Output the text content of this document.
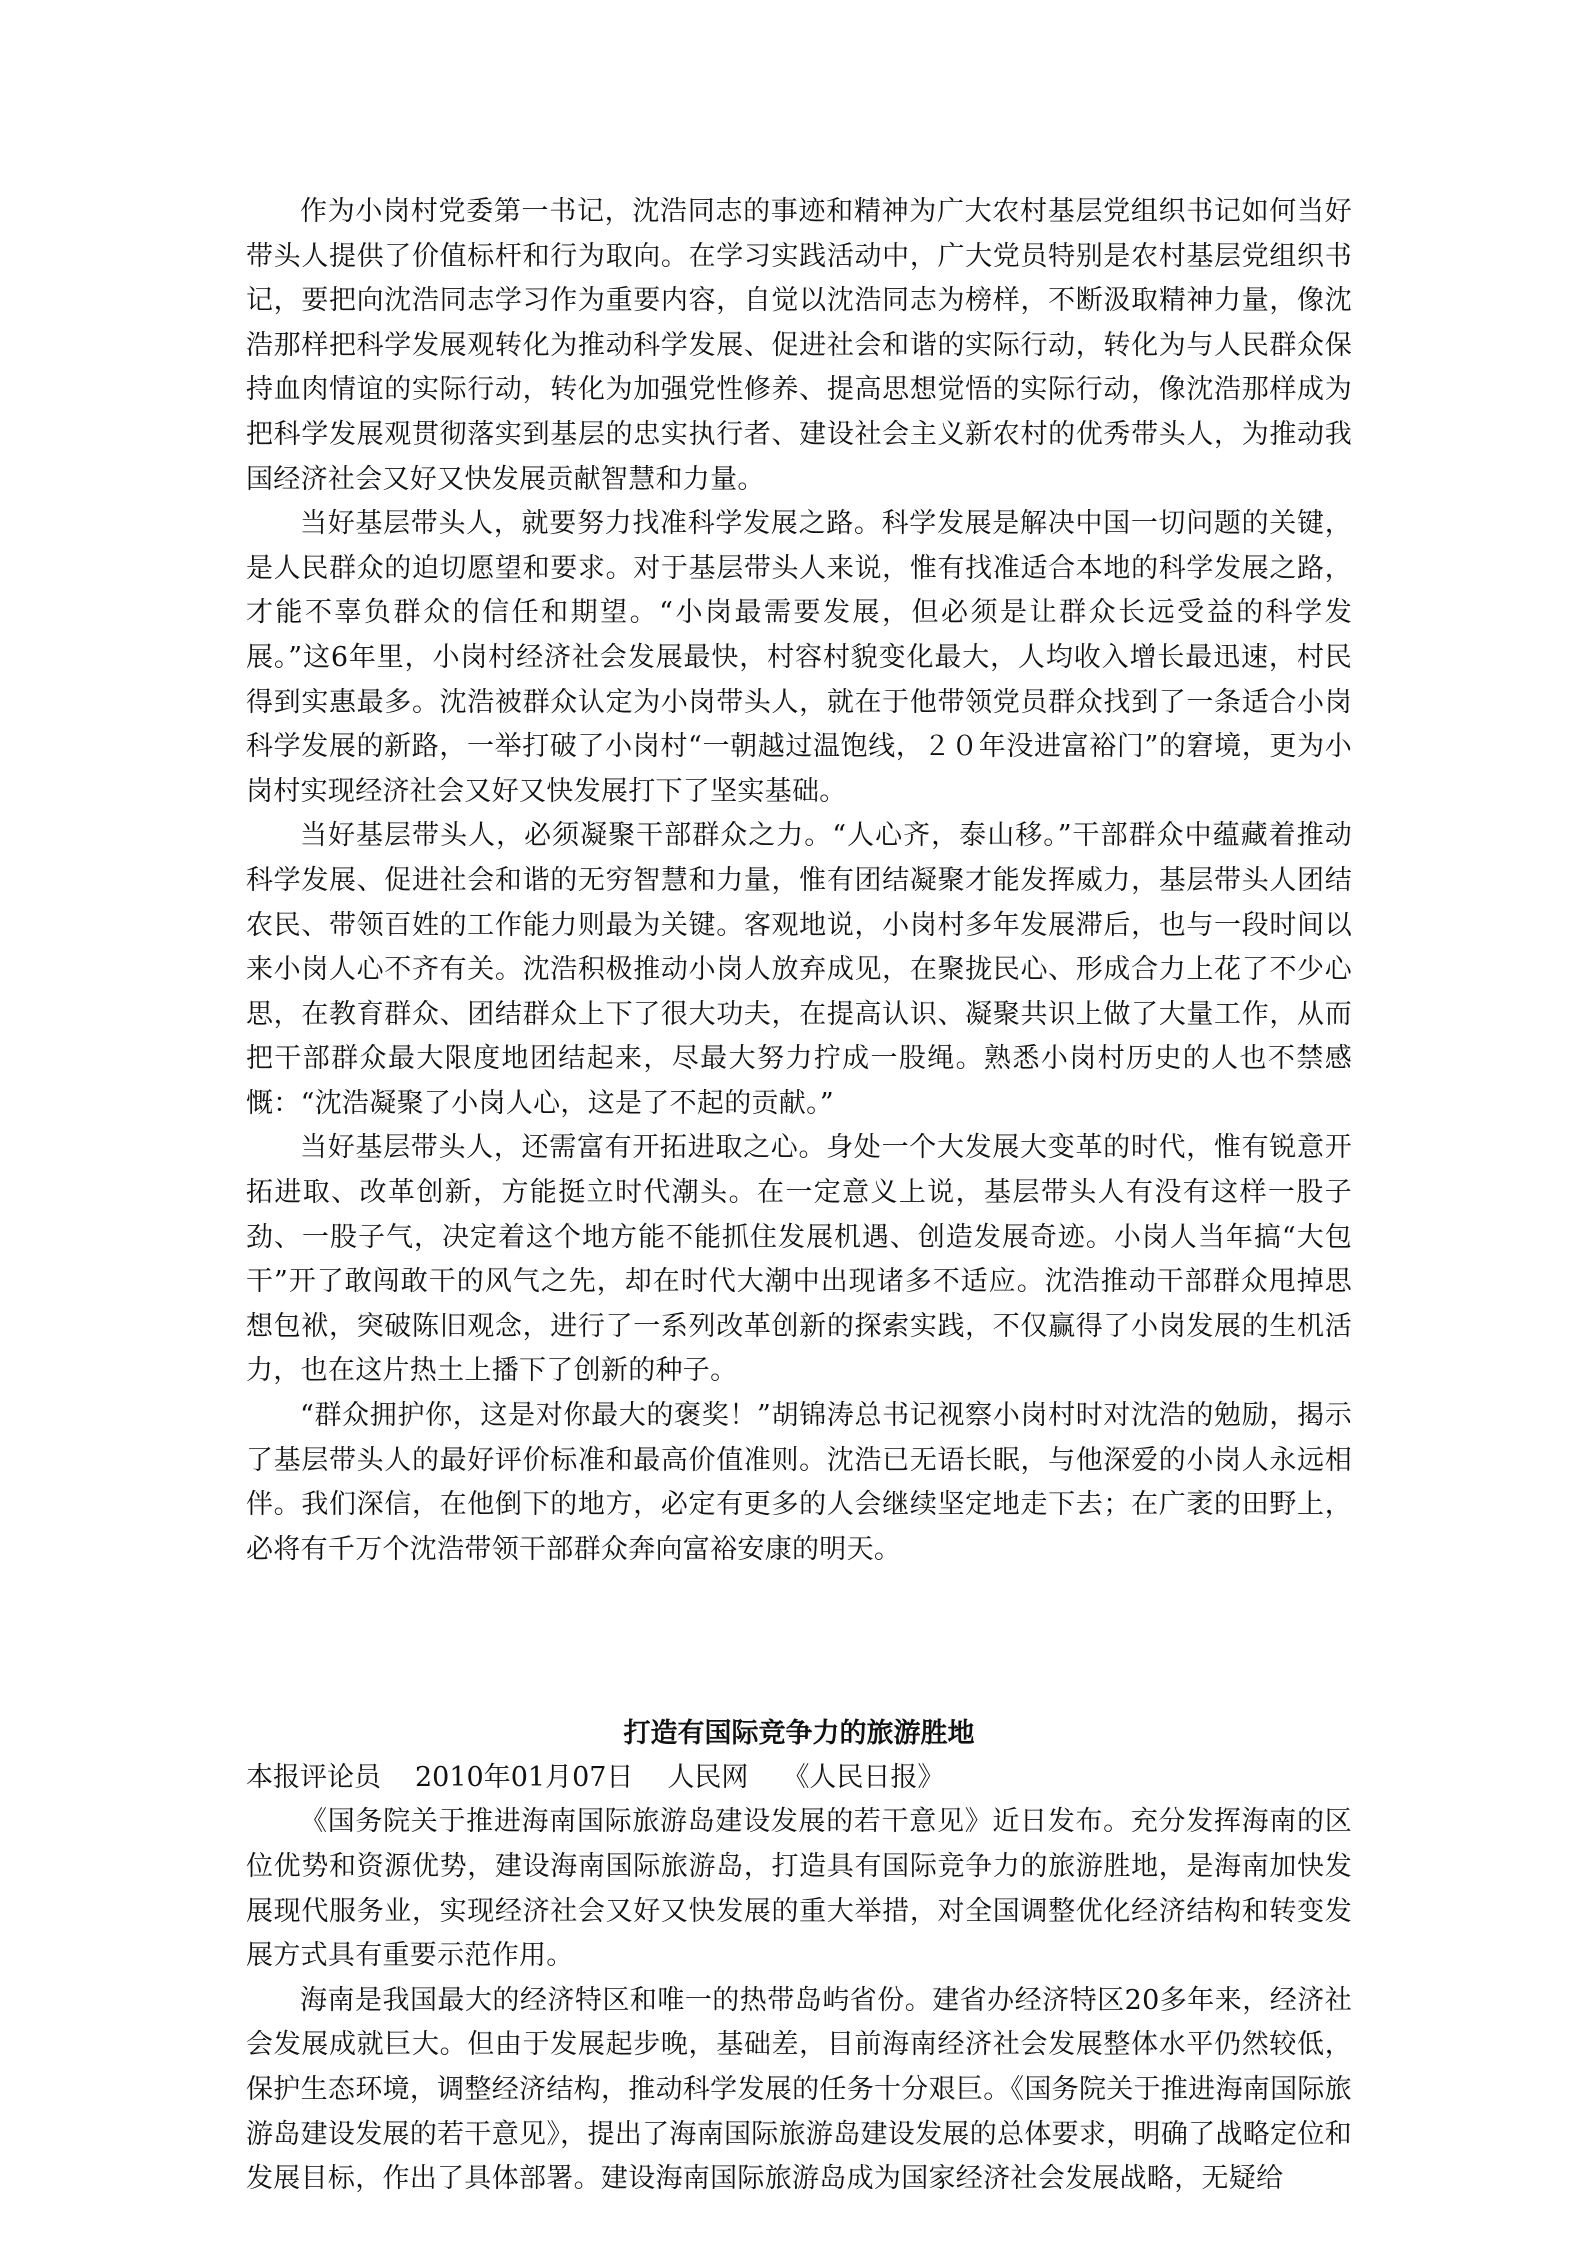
作为小岗村党委第一书记，沈浩同志的事迹和精神为广大农村基层党组织书记如何当好带头人提供了价值标杆和行为取向。在学习实践活动中，广大党员特别是农村基层党组织书记，要把向沈浩同志学习作为重要内容，自觉以沈浩同志为榜样，不断汲取精神力量，像沈浩那样把科学发展观转化为推动科学发展、促进社会和谐的实际行动，转化为与人民群众保持血肉情谊的实际行动，转化为加强党性修养、提高思想觉悟的实际行动，像沈浩那样成为把科学发展观贯彻落实到基层的忠实执行者、建设社会主义新农村的优秀带头人，为推动我国经济社会又好又快发展贡献智慧和力量。

当好基层带头人，就要努力找准科学发展之路。科学发展是解决中国一切问题的关键，是人民群众的迫切愿望和要求。对于基层带头人来说，惟有找准适合本地的科学发展之路，才能不辜负群众的信任和期望。“小岗最需要发展，但必须是让群众长远受益的科学发展。”这6年里，小岗村经济社会发展最快，村容村貌变化最大，人均收入增长最迅速，村民得到实惠最多。沈浩被群众认定为小岗带头人，就在于他带领党员群众找到了一条适合小岗科学发展的新路，一举打破了小岗村“一朝越过温饱线，２０年没进富裕门”的窘境，更为小岗村实现经济社会又好又快发展打下了坚实基础。

当好基层带头人，必须凝聚干部群众之力。“人心齐，泰山移。”干部群众中蕴藏着推动科学发展、促进社会和谐的无穷智慧和力量，惟有团结凝聚才能发挥威力，基层带头人团结农民、带领百姓的工作能力则最为关键。客观地说，小岗村多年发展滞后，也与一段时间以来小岗人心不齐有关。沈浩积极推动小岗人放弃成见，在聚拢民心、形成合力上花了不少心思，在教育群众、团结群众上下了很大功夫，在提高认识、凝聚共识上做了大量工作，从而把干部群众最大限度地团结起来，尽最大努力拧成一股绳。熟悉小岗村历史的人也不禁感慨：“沈浩凝聚了小岗人心，这是了不起的贡献。”

当好基层带头人，还需富有开拓进取之心。身处一个大发展大变革的时代，惟有锐意开拓进取、改革创新，方能挺立时代潮头。在一定意义上说，基层带头人有没有这样一股子劲、一股子气，决定着这个地方能不能抓住发展机遇、创造发展奇迹。小岗人当年搞“大包干”开了敢闯敢干的风气之先，却在时代大潮中出现诸多不适应。沈浩推动干部群众甩掉思想包袱，突破陈旧观念，进行了一系列改革创新的探索实践，不仅赢得了小岗发展的生机活力，也在这片热土上播下了创新的种子。

“群众拥护你，这是对你最大的褒奖！”胡锦涛总书记视察小岗村时对沈浩的勉励，揭示了基层带头人的最好评价标准和最高价值准则。沈浩已无语长眠，与他深爱的小岗人永远相伴。我们深信，在他倒下的地方，必定有更多的人会继续坚定地走下去；在广袤的田野上，必将有千万个沈浩带领干部群众奔向富裕安康的明天。

打造有国际竞争力的旅游胜地

本报评论员 2010年01月07日 人民网 《人民日报》

《国务院关于推进海南国际旅游岛建设发展的若干意见》近日发布。充分发挥海南的区位优势和资源优势，建设海南国际旅游岛，打造具有国际竞争力的旅游胜地，是海南加快发展现代服务业，实现经济社会又好又快发展的重大举措，对全国调整优化经济结构和转变发展方式具有重要示范作用。

海南是我国最大的经济特区和唯一的热带岛屿省份。建省办经济特区20多年来，经济社会发展成就巨大。但由于发展起步晚，基础差，目前海南经济社会发展整体水平仍然较低，保护生态环境，调整经济结构，推动科学发展的任务十分艰巨。《国务院关于推进海南国际旅游岛建设发展的若干意见》，提出了海南国际旅游岛建设发展的总体要求，明确了战略定位和发展目标，作出了具体部署。建设海南国际旅游岛成为国家经济社会发展战略，无疑给
